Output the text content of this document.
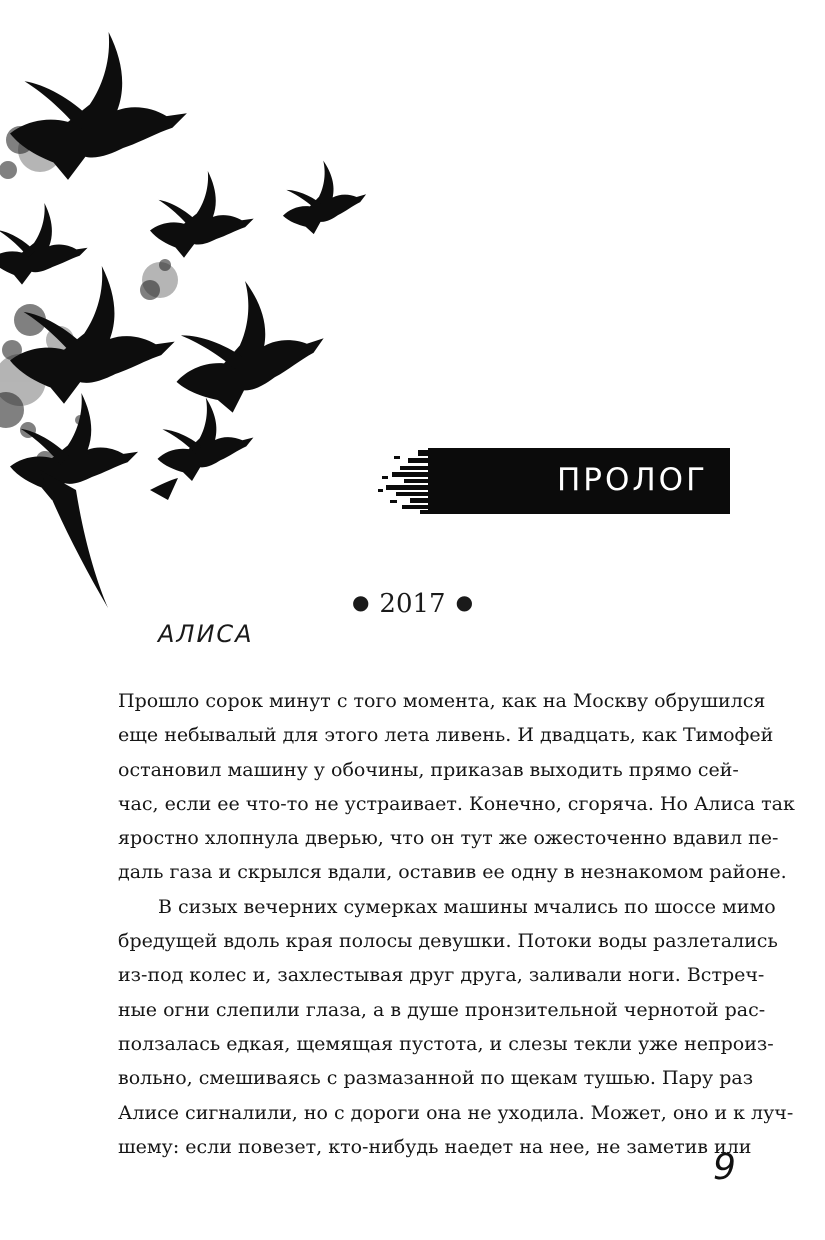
ПРОЛОГ
● 2017 ●
АЛИСА

Прошло сорок минут с того момента, как на Москву обрушился
еще небывалый для этого лета ливень. И двадцать, как Тимофей
остановил машину у обочины, приказав выходить прямо сей-
час, если ее что-то не устраивает. Конечно, сгоряча. Но Алиса так
яростно хлопнула дверью, что он тут же ожесточенно вдавил пе-
даль газа и скрылся вдали, оставив ее одну в незнакомом районе.

В сизых вечерних сумерках машины мчались по шоссе мимо
бредущей вдоль края полосы девушки. Потоки воды разлетались
из-под колес и, захлестывая друг друга, заливали ноги. Встреч-
ные огни слепили глаза, а в душе пронзительной чернотой рас-
ползалась едкая, щемящая пустота, и слезы текли уже непроиз-
вольно, смешиваясь с размазанной по щекам тушью. Пару раз
Алисе сигналили, но с дороги она не уходила. Может, оно и к луч-
шему: если повезет, кто-нибудь наедет на нее, не заметив или

9
